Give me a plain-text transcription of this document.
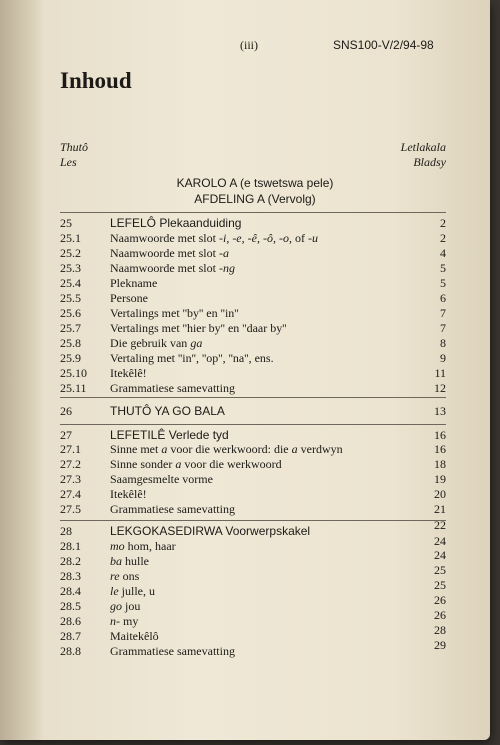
(iii)	SNS100-V/2/94-98
Inhoud
Thutô
Les
Letlakala
Bladsy
KAROLO A (e tswetswa pele)
AFDELING A (Vervolg)
25	LEFELÔ Plekaanduiding	2
25.1 Naamwoorde met slot -i, -e, -ê, -ô, -o, of -u	2
25.2 Naamwoorde met slot -a	4
25.3 Naamwoorde met slot -ng	5
25.4 Plekname	5
25.5 Persone	6
25.6 Vertalings met ''by'' en ''in''	7
25.7 Vertalings met ''hier by'' en ''daar by''	7
25.8 Die gebruik van ga	8
25.9 Vertaling met ''in'', ''op'', ''na'', ens.	9
25.10 Itekêlê!	11
25.11 Grammatiese samevatting	12
26	THUTÔ YA GO BALA	13
27	LEFETILÊ Verlede tyd	16
27.1 Sinne met a voor die werkwoord: die a verdwyn	16
27.2 Sinne sonder a voor die werkwoord	18
27.3 Saamgesmelte vorme	19
27.4 Itekêlê!	20
27.5 Grammatiese samevatting	21
28	LEKGOKASEDIRWA Voorwerpskakel	22
28.1 mo hom, haar	24
28.2 ba hulle	24
28.3 re ons	25
28.4 le julle, u	25
28.5 go jou	26
28.6 n- my	26
28.7 Maitekêlô	28
28.8 Grammatiese samevatting	29
